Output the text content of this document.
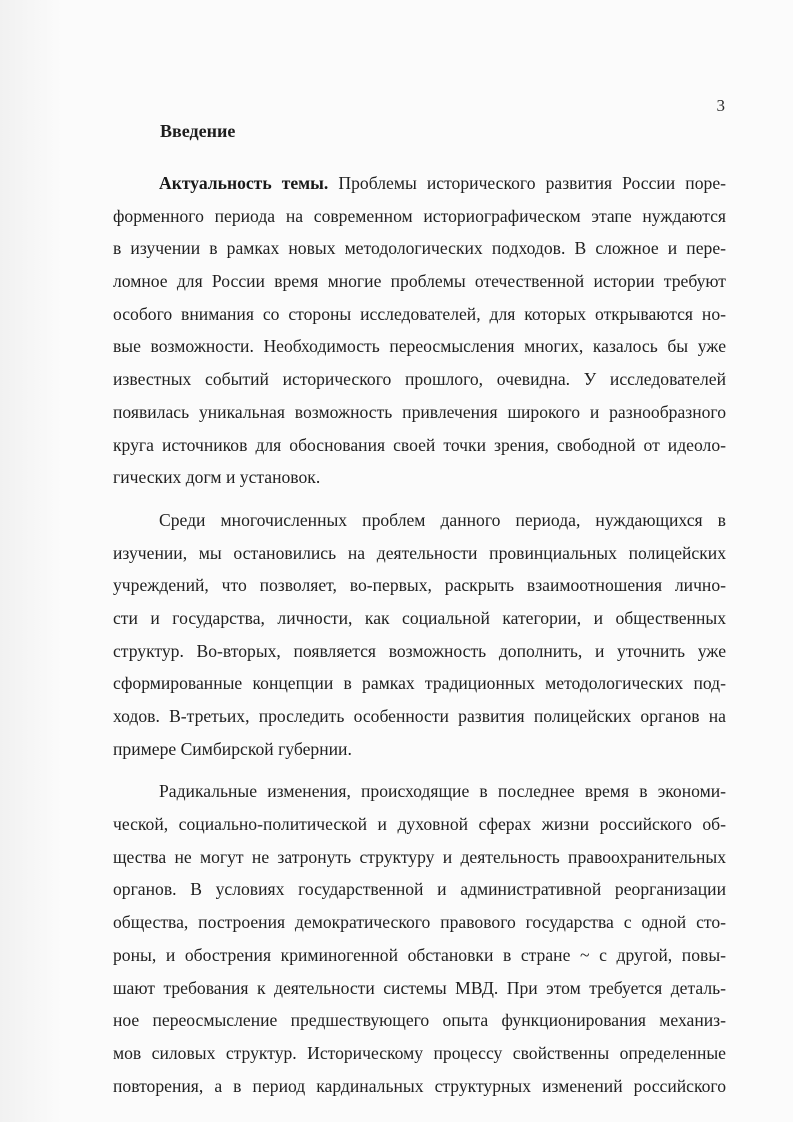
3
Введение

Актуальность темы. Проблемы исторического развития России поре-
форменного периода на современном историографическом этапе нуждаются
в изучении в рамках новых методологических подходов. В сложное и пере-
ломное для России время многие проблемы отечественной истории требуют
особого внимания со стороны исследователей, для которых открываются но-
вые возможности. Необходимость переосмысления многих, казалось бы уже
известных событий исторического прошлого, очевидна. У исследователей
появилась уникальная возможность привлечения широкого и разнообразного
круга источников для обоснования своей точки зрения, свободной от идеоло-
гических догм и установок.

Среди многочисленных проблем данного периода, нуждающихся в
изучении, мы остановились на деятельности провинциальных полицейских
учреждений, что позволяет, во-первых, раскрыть взаимоотношения лично-
сти и государства, личности, как социальной категории, и общественных
структур. Во-вторых, появляется возможность дополнить, и уточнить уже
сформированные концепции в рамках традиционных методологических под-
ходов. В-третьих, проследить особенности развития полицейских органов на
примере Симбирской губернии.

Радикальные изменения, происходящие в последнее время в экономи-
ческой, социально-политической и духовной сферах жизни российского об-
щества не могут не затронуть структуру и деятельность правоохранительных
органов. В условиях государственной и административной реорганизации
общества, построения демократического правового государства с одной сто-
роны, и обострения криминогенной обстановки в стране ~ с другой, повы-
шают требования к деятельности системы МВД. При этом требуется деталь-
ное переосмысление предшествующего опыта функционирования механиз-
мов силовых структур. Историческому процессу свойственны определенные
повторения, а в период кардинальных структурных изменений российского
